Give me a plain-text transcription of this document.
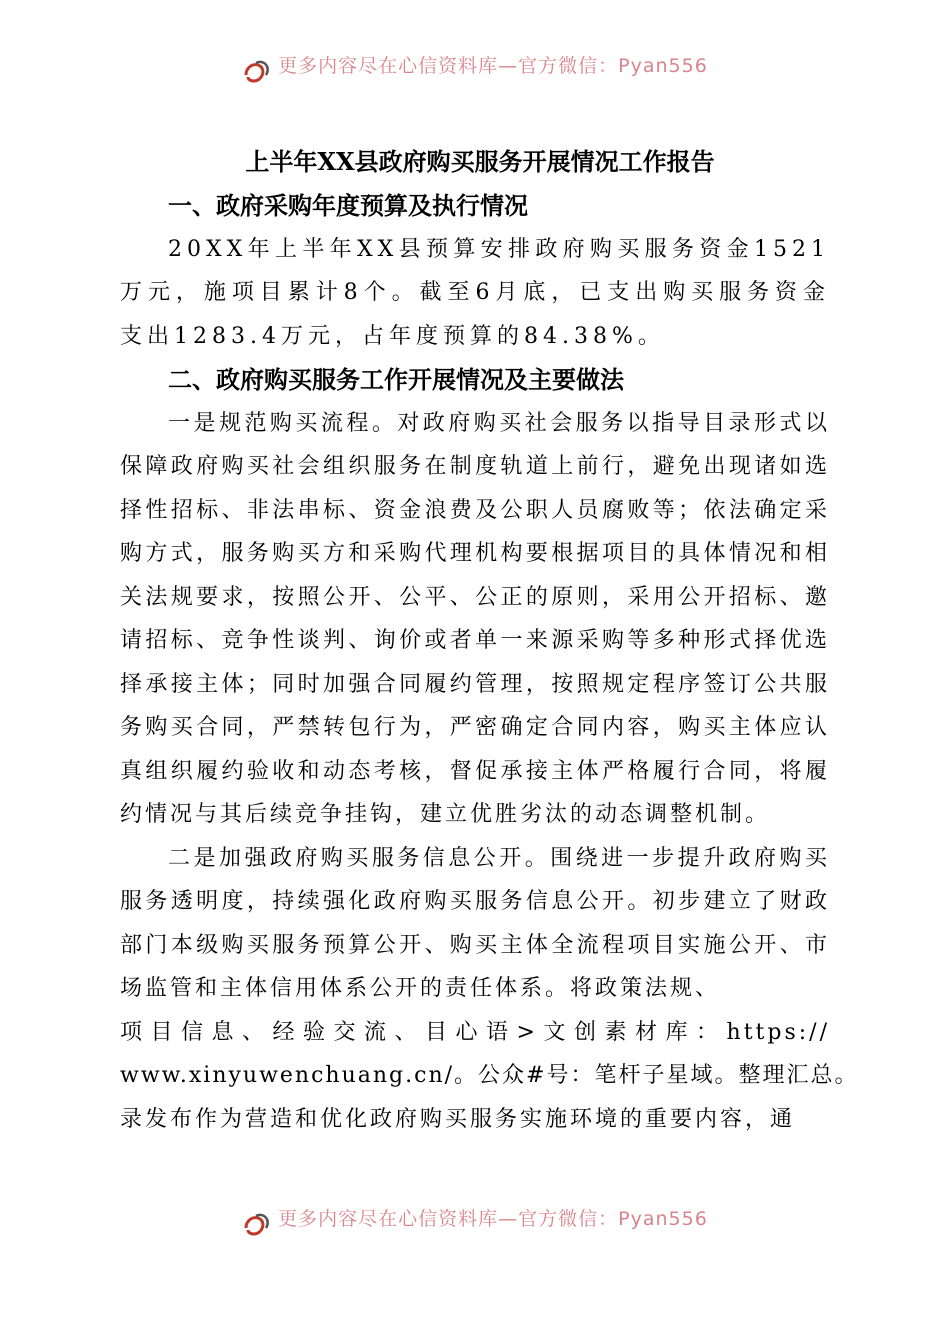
更多内容尽在心信资料库—官方微信：Pyan556
上半年XX县政府购买服务开展情况工作报告
一、政府采购年度预算及执行情况

20XX年上半年XX县预算安排政府购买服务资金1521万元，施项目累计8个。截至6月底，已支出购买服务资金支出1283.4万元，占年度预算的84.38%。

二、政府购买服务工作开展情况及主要做法

一是规范购买流程。对政府购买社会服务以指导目录形式以保障政府购买社会组织服务在制度轨道上前行，避免出现诸如选择性招标、非法串标、资金浪费及公职人员腐败等；依法确定采购方式，服务购买方和采购代理机构要根据项目的具体情况和相关法规要求，按照公开、公平、公正的原则，采用公开招标、邀请招标、竞争性谈判、询价或者单一来源采购等多种形式择优选择承接主体；同时加强合同履约管理，按照规定程序签订公共服务购买合同，严禁转包行为，严密确定合同内容，购买主体应认真组织履约验收和动态考核，督促承接主体严格履行合同，将履约情况与其后续竞争挂钩，建立优胜劣汰的动态调整机制。

二是加强政府购买服务信息公开。围绕进一步提升政府购买服务透明度，持续强化政府购买服务信息公开。初步建立了财政部门本级购买服务预算公开、购买主体全流程项目实施公开、市场监管和主体信用体系公开的责任体系。将政策法规、

项目信息、经验交流、目心语>文创素材库：https://

www.xinyuwenchuang.cn/。公众#号：笔杆子星域。整理汇总。

录发布作为营造和优化政府购买服务实施环境的重要内容，通

更多内容尽在心信资料库—官方微信：Pyan556
